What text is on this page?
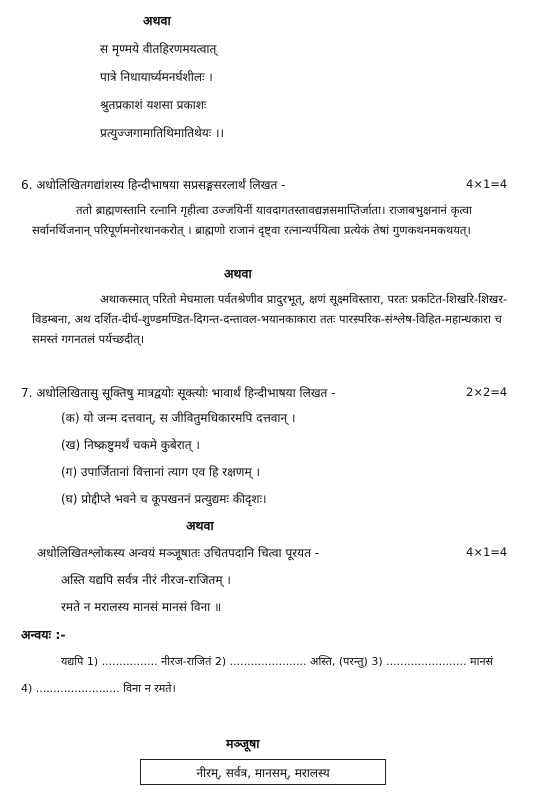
अथवा
स मृण्मये वीतहिरणमयत्वात्
पात्रे निधायार्घ्यमनर्घशीलः ।
श्रुतप्रकाशं यशसा प्रकाशः
प्रत्युज्जगामातिथिमातिथेयः ।।
6. अधोलिखितगद्यांशस्य हिन्दीभाषया सप्रसङ्गसरलार्थं लिखत -	4×1=4
ततो ब्राह्मणस्तानि रत्नानि गृहीत्वा उज्जयिनीं यावदागतस्तावद्यज्ञसमाप्तिर्जाता। राजाबभुक्षनानं कृत्वा सर्वानर्थिजनान् परिपूर्णमनोरथानकरोत् । ब्राह्मणो राजानं दृष्ट्वा रत्नान्यर्पयित्वा प्रत्येकं तेषां गुणकथनमकथयत्।
अथवा
अथाकस्मात् परितो मेघमाला पर्वतश्रेणीव प्रादुरभूत्, क्षणं सूक्ष्मविस्तारा, परतः प्रकटित-शिखरि-शिखर-विडम्बना, अथ दर्शित-दीर्घ-शुण्डमण्डित-दिगन्त-दन्तावल-भयानकाकारा ततः पारस्परिक-संश्लेष-विहित-महान्धकारा च समस्तं गगनतलं पर्यच्छदीत्।
7. अधोलिखितासु सूक्तिषु मात्रद्वयोः सूक्त्योः भावार्थं हिन्दीभाषया लिखत -	2×2=4
(क) यो जन्म दत्तवान्, स जीवितुमधिकारमपि दत्तवान् ।
(ख) निष्क्रष्टुमर्थं चकमे कुबेरात् ।
(ग) उपार्जितानां वित्तानां त्याग एव हि रक्षणम् ।
(घ) प्रोद्दीप्ते भवने च कूपखननं प्रत्युद्यमः कीदृशः।
अथवा
अधोलिखितश्लोकस्य अन्वयं मञ्जूषातः उचितपदानि चित्वा पूरयत -	4×1=4
अस्ति यद्यपि सर्वत्र नीरं नीरज-राजितम् ।
रमते न मरालस्य मानसं मानसं विना ॥
अन्वयः :-
यद्यपि 1) ................ नीरज-राजितं 2) ...................... अस्ति, (परन्तु) 3) ....................... मानसं
4) ........................ विना न रमते।
मञ्जूषा
नीरम्, सर्वत्र, मानसम्, मरालस्य
